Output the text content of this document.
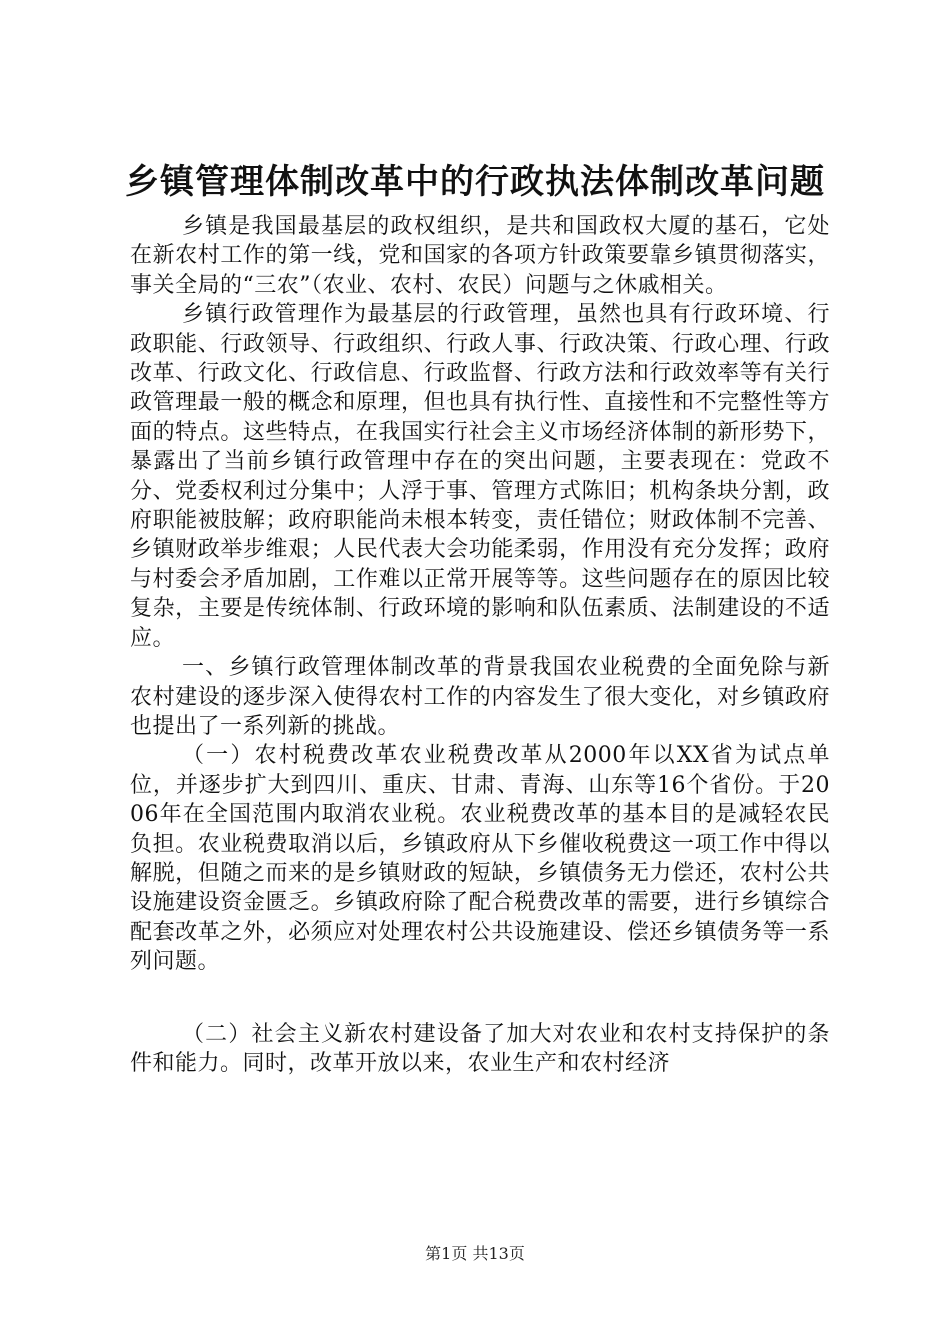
乡镇管理体制改革中的行政执法体制改革问题

乡镇是我国最基层的政权组织，是共和国政权大厦的基石，它处在新农村工作的第一线，党和国家的各项方针政策要靠乡镇贯彻落实，事关全局的“三农”（农业、农村、农民）问题与之休戚相关。

乡镇行政管理作为最基层的行政管理，虽然也具有行政环境、行政职能、行政领导、行政组织、行政人事、行政决策、行政心理、行政改革、行政文化、行政信息、行政监督、行政方法和行政效率等有关行政管理最一般的概念和原理，但也具有执行性、直接性和不完整性等方面的特点。这些特点，在我国实行社会主义市场经济体制的新形势下，暴露出了当前乡镇行政管理中存在的突出问题，主要表现在：党政不分、党委权利过分集中；人浮于事、管理方式陈旧；机构条块分割，政府职能被肢解；政府职能尚未根本转变，责任错位；财政体制不完善、乡镇财政举步维艰；人民代表大会功能柔弱，作用没有充分发挥；政府与村委会矛盾加剧，工作难以正常开展等等。这些问题存在的原因比较复杂，主要是传统体制、行政环境的影响和队伍素质、法制建设的不适应。

一、乡镇行政管理体制改革的背景我国农业税费的全面免除与新农村建设的逐步深入使得农村工作的内容发生了很大变化，对乡镇政府也提出了一系列新的挑战。

（一）农村税费改革农业税费改革从2000年以XX省为试点单位，并逐步扩大到四川、重庆、甘肃、青海、山东等16个省份。于2006年在全国范围内取消农业税。农业税费改革的基本目的是减轻农民负担。农业税费取消以后，乡镇政府从下乡催收税费这一项工作中得以解脱，但随之而来的是乡镇财政的短缺，乡镇债务无力偿还，农村公共设施建设资金匮乏。乡镇政府除了配合税费改革的需要，进行乡镇综合配套改革之外，必须应对处理农村公共设施建设、偿还乡镇债务等一系列问题。

（二）社会主义新农村建设备了加大对农业和农村支持保护的条件和能力。同时，改革开放以来，农业生产和农村经济

第1页 共13页
